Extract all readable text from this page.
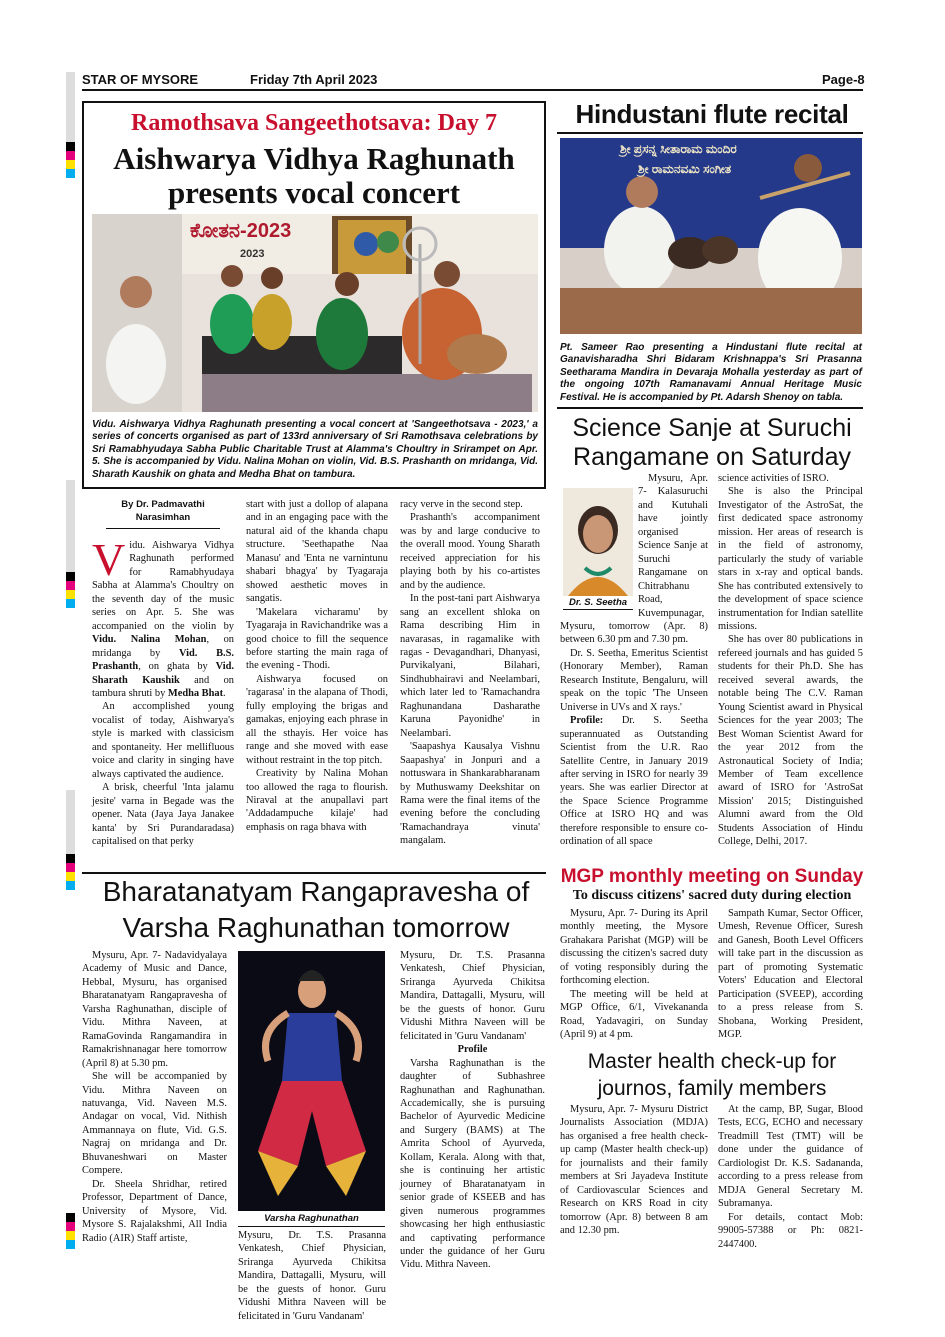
STAR OF MYSORE	Friday 7th April 2023	Page-8
Ramothsava Sangeethotsava: Day 7
Aishwarya Vidhya Raghunath
presents vocal concert
ಕೋತನ-2023
2023
Vidu. Aishwarya Vidhya Raghunath presenting a vocal concert at 'Sangeethotsava - 2023,' a series of concerts organised as part of 133rd anniversary of Sri Ramothsava celebrations by Sri Ramabhyudaya Sabha Public Charitable Trust at Alamma's Choultry in Srirampet on Apr. 5. She is accompanied by Vidu. Nalina Mohan on violin, Vid. B.S. Prashanth on mridanga, Vid. Sharath Kaushik on ghata and Medha Bhat on tambura.
By Dr. Padmavathi
Narasimhan

Vidu. Aishwarya Vidhya Raghunath performed for Ramabhyudaya Sabha at Alamma's Choultry on the seventh day of the music series on Apr. 5. She was accompanied on the violin by Vidu. Nalina Mohan, on mridanga by Vid. B.S. Prashanth, on ghata by Vid. Sharath Kaushik and on tambura shruti by Medha Bhat.

An accomplished young vocalist of today, Aishwarya's style is marked with classicism and spontaneity. Her mellifluous voice and clarity in singing have always captivated the audience.

A brisk, cheerful 'Inta jalamu jesite' varna in Begade was the opener. Nata (Jaya Jaya Janakee kanta' by Sri Purandaradasa) capitalised on that perky

start with just a dollop of alapana and in an engaging pace with the natural aid of the khanda chapu structure. 'Seethapathe Naa Manasu' and 'Enta ne varnintunu shabari bhagya' by Tyagaraja showed aesthetic moves in sangatis.

'Makelara vicharamu' by Tyagaraja in Ravichandrike was a good choice to fill the sequence before starting the main raga of the evening - Thodi.

Aishwarya focused on 'ragarasa' in the alapana of Thodi, fully employing the brigas and gamakas, enjoying each phrase in all the sthayis. Her voice has range and she moved with ease without restraint in the top pitch.

Creativity by Nalina Mohan too allowed the raga to flourish. Niraval at the anupallavi part 'Addadampuche kilaje' had emphasis on raga bhava with

racy verve in the second step.

Prashanth's accompaniment was by and large conducive to the overall mood. Young Sharath received appreciation for his playing both by his co-artistes and by the audience.

In the post-tani part Aishwarya sang an excellent shloka on Rama describing Him in navarasas, in ragamalike with ragas - Devagandhari, Dhanyasi, Purvikalyani, Bilahari, Sindhubhairavi and Neelambari, which later led to 'Ramachandra Raghunandana Dasharathe Karuna Payonidhe' in Neelambari.

'Saapashya Kausalya Vishnu Saapashya' in Jonpuri and a nottuswara in Shankarabharanam by Muthuswamy Deekshitar on Rama were the final items of the evening before the concluding 'Ramachandraya vinuta' mangalam.

Hindustani flute recital
ಶ್ರೀ ಪ್ರಸನ್ನ ಸೀತಾರಾಮ ಮಂದಿರ
ಶ್ರೀ ರಾಮನವಮಿ ಸಂಗೀತ
Pt. Sameer Rao presenting a Hindustani flute recital at Ganavisharadha Shri Bidaram Krishnappa's Sri Prasanna Seetharama Mandira in Devaraja Mohalla yesterday as part of the ongoing 107th Ramanavami Annual Heritage Music Festival. He is accompanied by Pt. Adarsh Shenoy on tabla.
Science Sanje at Suruchi
Rangamane on Saturday
Dr. S. Seetha

Mysuru, Apr. 7- Kalasuruchi and Kutuhali have jointly organised Science Sanje at Suruchi Rangamane on Chitrabhanu Road, Kuvempunagar, Mysuru, tomorrow (Apr. 8) between 6.30 pm and 7.30 pm.

Dr. S. Seetha, Emeritus Scientist (Honorary Member), Raman Research Institute, Bengaluru, will speak on the topic 'The Unseen Universe in UVs and X rays.'

Profile: Dr. S. Seetha superannuated as Outstanding Scientist from the U.R. Rao Satellite Centre, in January 2019 after serving in ISRO for nearly 39 years. She was earlier Director at the Space Science Programme Office at ISRO HQ and was therefore responsible to ensure co-ordination of all space

science activities of ISRO.

She is also the Principal Investigator of the AstroSat, the first dedicated space astronomy mission. Her areas of research is in the field of astronomy, particularly the study of variable stars in x-ray and optical bands. She has contributed extensively to the development of space science instrumentation for Indian satellite missions.

She has over 80 publications in refereed journals and has guided 5 students for their Ph.D. She has received several awards, the notable being The C.V. Raman Young Scientist award in Physical Sciences for the year 2003; The Best Woman Scientist Award for the year 2012 from the Astronautical Society of India; Member of Team excellence award of ISRO for 'AstroSat Mission' 2015; Distinguished Alumni award from the Old Students Association of Hindu College, Delhi, 2017.

MGP monthly meeting on Sunday
To discuss citizens' sacred duty during election

Mysuru, Apr. 7- During its April monthly meeting, the Mysore Grahakara Parishat (MGP) will be discussing the citizen's sacred duty of voting responsibly during the forthcoming election.

The meeting will be held at MGP Office, 6/1, Vivekananda Road, Yadavagiri, on Sunday (April 9) at 4 pm.

Sampath Kumar, Sector Officer, Umesh, Revenue Officer, Suresh and Ganesh, Booth Level Officers will take part in the discussion as part of promoting Systematic Voters' Education and Electoral Participation (SVEEP), according to a press release from S. Shobana, Working President, MGP.

Master health check-up for
journos, family members

Mysuru, Apr. 7- Mysuru District Journalists Association (MDJA) has organised a free health check-up camp (Master health check-up) for journalists and their family members at Sri Jayadeva Institute of Cardiovascular Sciences and Research on KRS Road in city tomorrow (Apr. 8) between 8 am and 12.30 pm.

At the camp, BP, Sugar, Blood Tests, ECG, ECHO and necessary Treadmill Test (TMT) will be done under the guidance of Cardiologist Dr. K.S. Sadananda, according to a press release from MDJA General Secretary M. Subramanya.

For details, contact Mob: 99005-57388 or Ph: 0821-2447400.

Bharatanatyam Rangapravesha of
Varsha Raghunathan tomorrow

Mysuru, Apr. 7- Nadavidyalaya Academy of Music and Dance, Hebbal, Mysuru, has organised Bharatanatyam Rangapravesha of Varsha Raghunathan, disciple of Vidu. Mithra Naveen, at RamaGovinda Rangamandira in Ramakrishnanagar here tomorrow (April 8) at 5.30 pm.

She will be accompanied by Vidu. Mithra Naveen on natuvanga, Vid. Naveen M.S. Andagar on vocal, Vid. Nithish Ammannaya on flute, Vid. G.S. Nagraj on mridanga and Dr. Bhuvaneshwari on Master Compere.

Dr. Sheela Shridhar, retired Professor, Department of Dance, University of Mysore, Vid. Mysore S. Rajalakshmi, All India Radio (AIR) Staff artiste,

Varsha Raghunathan

Mysuru, Dr. T.S. Prasanna Venkatesh, Chief Physician, Srirangа Ayurveda Chikitsa Mandira, Dattagalli, Mysuru, will be the guests of honor. Guru Vidushi Mithra Naveen will be felicitated in 'Guru Vandanam'

Mysuru, Dr. T.S. Prasanna Venkatesh, Chief Physician, Srirangа Ayurveda Chikitsa Mandira, Dattagalli, Mysuru, will be the guests of honor. Guru Vidushi Mithra Naveen will be felicitated in 'Guru Vandanam'

Profile

Varsha Raghunathan is the daughter of Subhashree Raghunathan and Raghunathan. Accademically, she is pursuing Bachelor of Ayurvedic Medicine and Surgery (BAMS) at The Amrita School of Ayurveda, Kollam, Kerala. Along with that, she is continuing her artistic journey of Bharatanatyam in senior grade of KSEEB and has given numerous programmes showcasing her high enthusiastic and captivating performance under the guidance of her Guru Vidu. Mithra Naveen.
